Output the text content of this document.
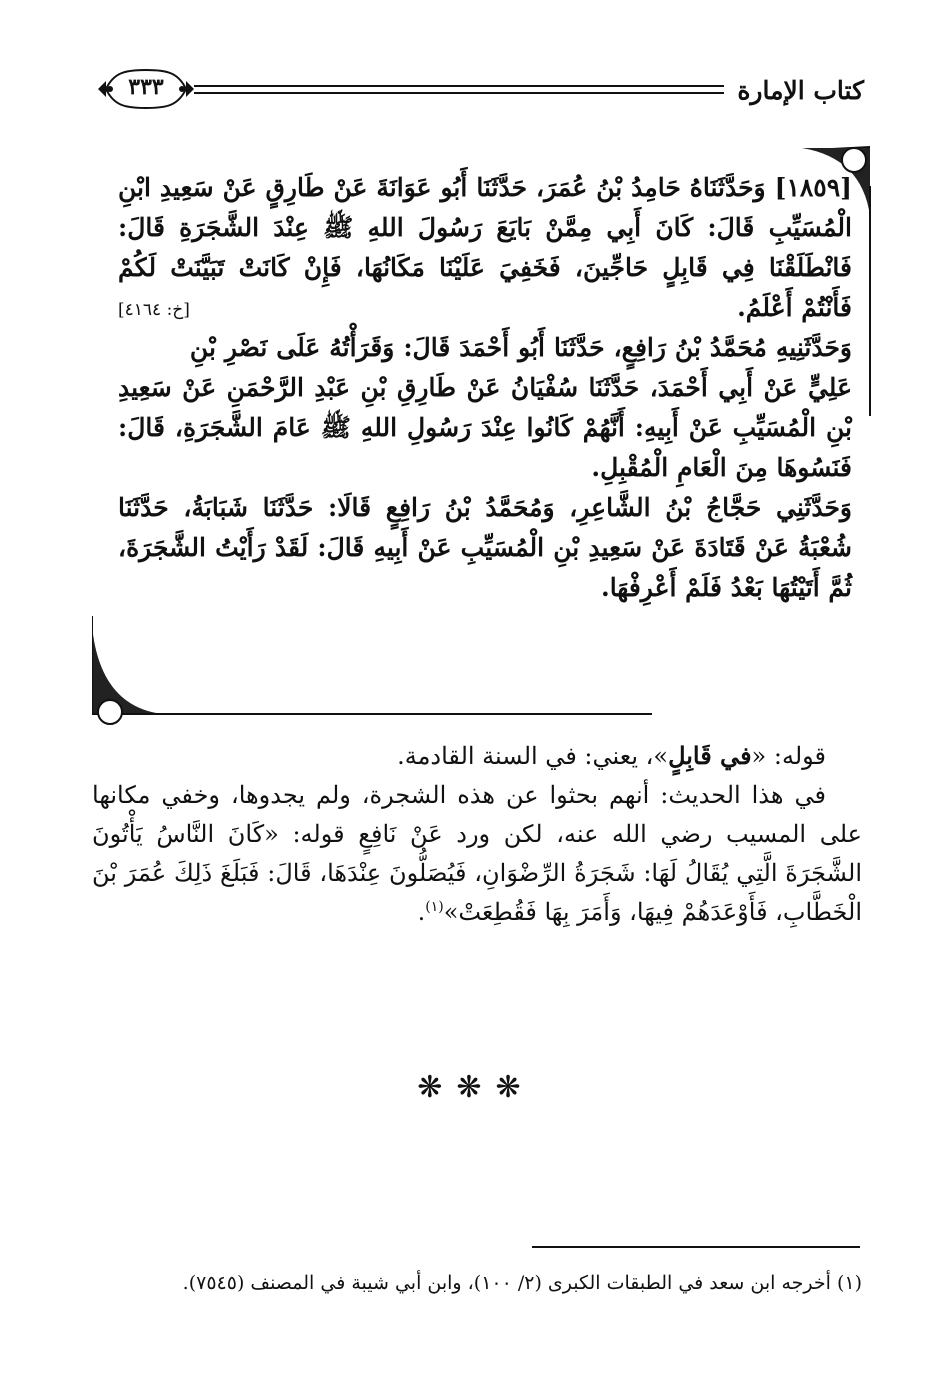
كتاب الإمارة
٣٣٣

[١٨٥٩] وَحَدَّثَنَاهُ حَامِدُ بْنُ عُمَرَ، حَدَّثَنَا أَبُو عَوَانَةَ عَنْ طَارِقٍ عَنْ سَعِيدِ ابْنِ الْمُسَيِّبِ قَالَ: كَانَ أَبِي مِمَّنْ بَايَعَ رَسُولَ اللهِ ﷺ عِنْدَ الشَّجَرَةِ قَالَ: فَانْطَلَقْنَا فِي قَابِلٍ حَاجِّينَ، فَخَفِيَ عَلَيْنَا مَكَانُهَا، فَإِنْ كَانَتْ تَبَيَّنَتْ لَكُمْ فَأَنْتُمْ أَعْلَمُ.
[خ: ٤١٦٤]

وَحَدَّثَنِيهِ مُحَمَّدُ بْنُ رَافِعٍ، حَدَّثَنَا أَبُو أَحْمَدَ قَالَ: وَقَرَأْتُهُ عَلَى نَصْرِ بْنِ عَلِيٍّ عَنْ أَبِي أَحْمَدَ، حَدَّثَنَا سُفْيَانُ عَنْ طَارِقِ بْنِ عَبْدِ الرَّحْمَنِ عَنْ سَعِيدِ بْنِ الْمُسَيِّبِ عَنْ أَبِيهِ: أَنَّهُمْ كَانُوا عِنْدَ رَسُولِ اللهِ ﷺ عَامَ الشَّجَرَةِ، قَالَ: فَنَسُوهَا مِنَ الْعَامِ الْمُقْبِلِ.

وَحَدَّثَنِي حَجَّاجُ بْنُ الشَّاعِرِ، وَمُحَمَّدُ بْنُ رَافِعٍ قَالَا: حَدَّثَنَا شَبَابَةُ، حَدَّثَنَا شُعْبَةُ عَنْ قَتَادَةَ عَنْ سَعِيدِ بْنِ الْمُسَيِّبِ عَنْ أَبِيهِ قَالَ: لَقَدْ رَأَيْتُ الشَّجَرَةَ، ثُمَّ أَتَيْتُهَا بَعْدُ فَلَمْ أَعْرِفْهَا.

قوله: «في قَابِلٍ»، يعني: في السنة القادمة.

في هذا الحديث: أنهم بحثوا عن هذه الشجرة، ولم يجدوها، وخفي مكانها على المسيب رضي الله عنه، لكن ورد عَنْ نَافِعٍ قوله: «كَانَ النَّاسُ يَأْتُونَ الشَّجَرَةَ الَّتِي يُقَالُ لَهَا: شَجَرَةُ الرِّضْوَانِ، فَيُصَلُّونَ عِنْدَهَا، قَالَ: فَبَلَغَ ذَلِكَ عُمَرَ بْنَ الْخَطَّابِ، فَأَوْعَدَهُمْ فِيهَا، وَأَمَرَ بِهَا فَقُطِعَتْ»$^{(١)}$.

❋❋❋
(١) أخرجه ابن سعد في الطبقات الكبرى (٢/ ١٠٠)، وابن أبي شيبة في المصنف (٧٥٤٥).
